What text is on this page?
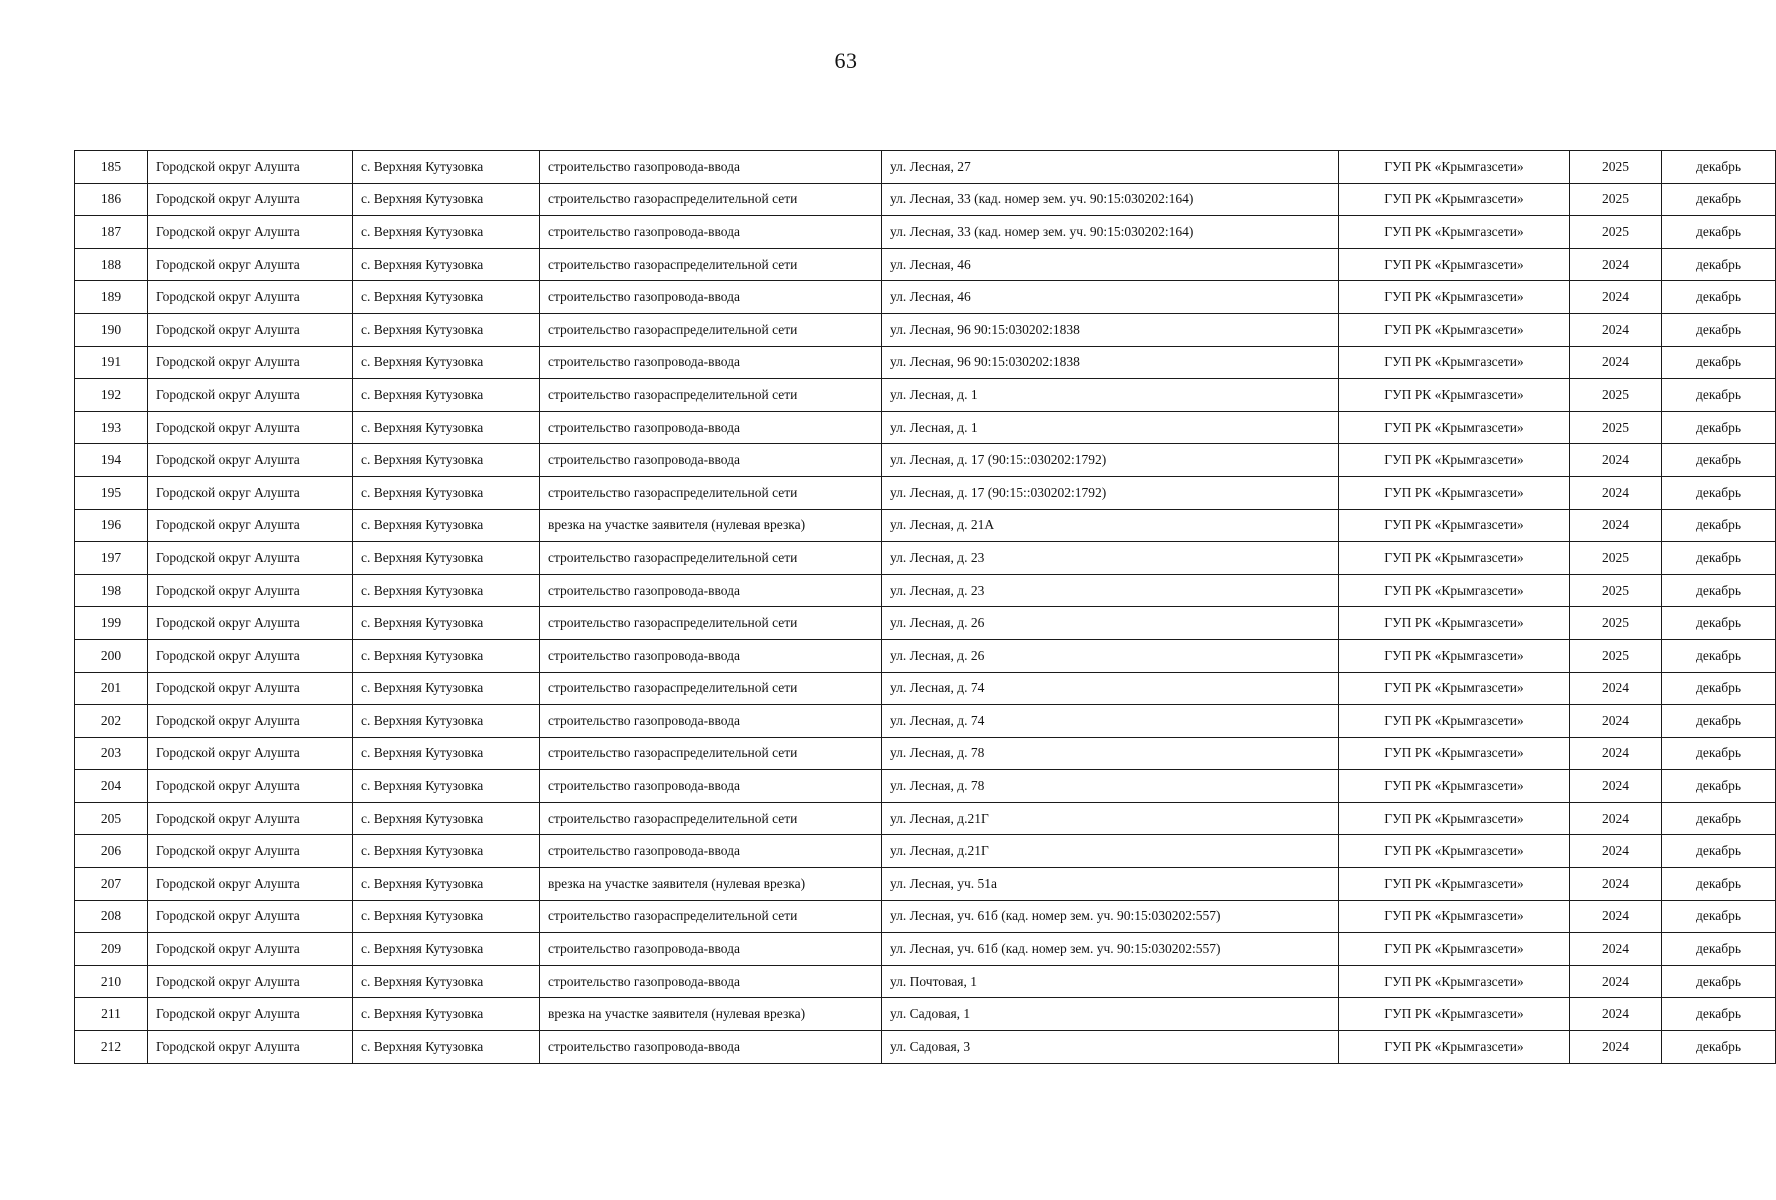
63
185	Городской округ Алушта	с. Верхняя Кутузовка	строительство газопровода-ввода	ул. Лесная, 27	ГУП РК «Крымгазсети»	2025	декабрь
186	Городской округ Алушта	с. Верхняя Кутузовка	строительство газораспределительной сети	ул. Лесная, 33 (кад. номер зем. уч. 90:15:030202:164)	ГУП РК «Крымгазсети»	2025	декабрь
187	Городской округ Алушта	с. Верхняя Кутузовка	строительство газопровода-ввода	ул. Лесная, 33 (кад. номер зем. уч. 90:15:030202:164)	ГУП РК «Крымгазсети»	2025	декабрь
188	Городской округ Алушта	с. Верхняя Кутузовка	строительство газораспределительной сети	ул. Лесная, 46	ГУП РК «Крымгазсети»	2024	декабрь
189	Городской округ Алушта	с. Верхняя Кутузовка	строительство газопровода-ввода	ул. Лесная, 46	ГУП РК «Крымгазсети»	2024	декабрь
190	Городской округ Алушта	с. Верхняя Кутузовка	строительство газораспределительной сети	ул. Лесная, 96 90:15:030202:1838	ГУП РК «Крымгазсети»	2024	декабрь
191	Городской округ Алушта	с. Верхняя Кутузовка	строительство газопровода-ввода	ул. Лесная, 96 90:15:030202:1838	ГУП РК «Крымгазсети»	2024	декабрь
192	Городской округ Алушта	с. Верхняя Кутузовка	строительство газораспределительной сети	ул. Лесная, д. 1	ГУП РК «Крымгазсети»	2025	декабрь
193	Городской округ Алушта	с. Верхняя Кутузовка	строительство газопровода-ввода	ул. Лесная, д. 1	ГУП РК «Крымгазсети»	2025	декабрь
194	Городской округ Алушта	с. Верхняя Кутузовка	строительство газопровода-ввода	ул. Лесная, д. 17 (90:15::030202:1792)	ГУП РК «Крымгазсети»	2024	декабрь
195	Городской округ Алушта	с. Верхняя Кутузовка	строительство газораспределительной сети	ул. Лесная, д. 17 (90:15::030202:1792)	ГУП РК «Крымгазсети»	2024	декабрь
196	Городской округ Алушта	с. Верхняя Кутузовка	врезка на участке заявителя (нулевая врезка)	ул. Лесная, д. 21А	ГУП РК «Крымгазсети»	2024	декабрь
197	Городской округ Алушта	с. Верхняя Кутузовка	строительство газораспределительной сети	ул. Лесная, д. 23	ГУП РК «Крымгазсети»	2025	декабрь
198	Городской округ Алушта	с. Верхняя Кутузовка	строительство газопровода-ввода	ул. Лесная, д. 23	ГУП РК «Крымгазсети»	2025	декабрь
199	Городской округ Алушта	с. Верхняя Кутузовка	строительство газораспределительной сети	ул. Лесная, д. 26	ГУП РК «Крымгазсети»	2025	декабрь
200	Городской округ Алушта	с. Верхняя Кутузовка	строительство газопровода-ввода	ул. Лесная, д. 26	ГУП РК «Крымгазсети»	2025	декабрь
201	Городской округ Алушта	с. Верхняя Кутузовка	строительство газораспределительной сети	ул. Лесная, д. 74	ГУП РК «Крымгазсети»	2024	декабрь
202	Городской округ Алушта	с. Верхняя Кутузовка	строительство газопровода-ввода	ул. Лесная, д. 74	ГУП РК «Крымгазсети»	2024	декабрь
203	Городской округ Алушта	с. Верхняя Кутузовка	строительство газораспределительной сети	ул. Лесная, д. 78	ГУП РК «Крымгазсети»	2024	декабрь
204	Городской округ Алушта	с. Верхняя Кутузовка	строительство газопровода-ввода	ул. Лесная, д. 78	ГУП РК «Крымгазсети»	2024	декабрь
205	Городской округ Алушта	с. Верхняя Кутузовка	строительство газораспределительной сети	ул. Лесная, д.21Г	ГУП РК «Крымгазсети»	2024	декабрь
206	Городской округ Алушта	с. Верхняя Кутузовка	строительство газопровода-ввода	ул. Лесная, д.21Г	ГУП РК «Крымгазсети»	2024	декабрь
207	Городской округ Алушта	с. Верхняя Кутузовка	врезка на участке заявителя (нулевая врезка)	ул. Лесная, уч. 51а	ГУП РК «Крымгазсети»	2024	декабрь
208	Городской округ Алушта	с. Верхняя Кутузовка	строительство газораспределительной сети	ул. Лесная, уч. 61б (кад. номер зем. уч. 90:15:030202:557)	ГУП РК «Крымгазсети»	2024	декабрь
209	Городской округ Алушта	с. Верхняя Кутузовка	строительство газопровода-ввода	ул. Лесная, уч. 61б (кад. номер зем. уч. 90:15:030202:557)	ГУП РК «Крымгазсети»	2024	декабрь
210	Городской округ Алушта	с. Верхняя Кутузовка	строительство газопровода-ввода	ул. Почтовая, 1	ГУП РК «Крымгазсети»	2024	декабрь
211	Городской округ Алушта	с. Верхняя Кутузовка	врезка на участке заявителя (нулевая врезка)	ул. Садовая, 1	ГУП РК «Крымгазсети»	2024	декабрь
212	Городской округ Алушта	с. Верхняя Кутузовка	строительство газопровода-ввода	ул. Садовая, 3	ГУП РК «Крымгазсети»	2024	декабрь
